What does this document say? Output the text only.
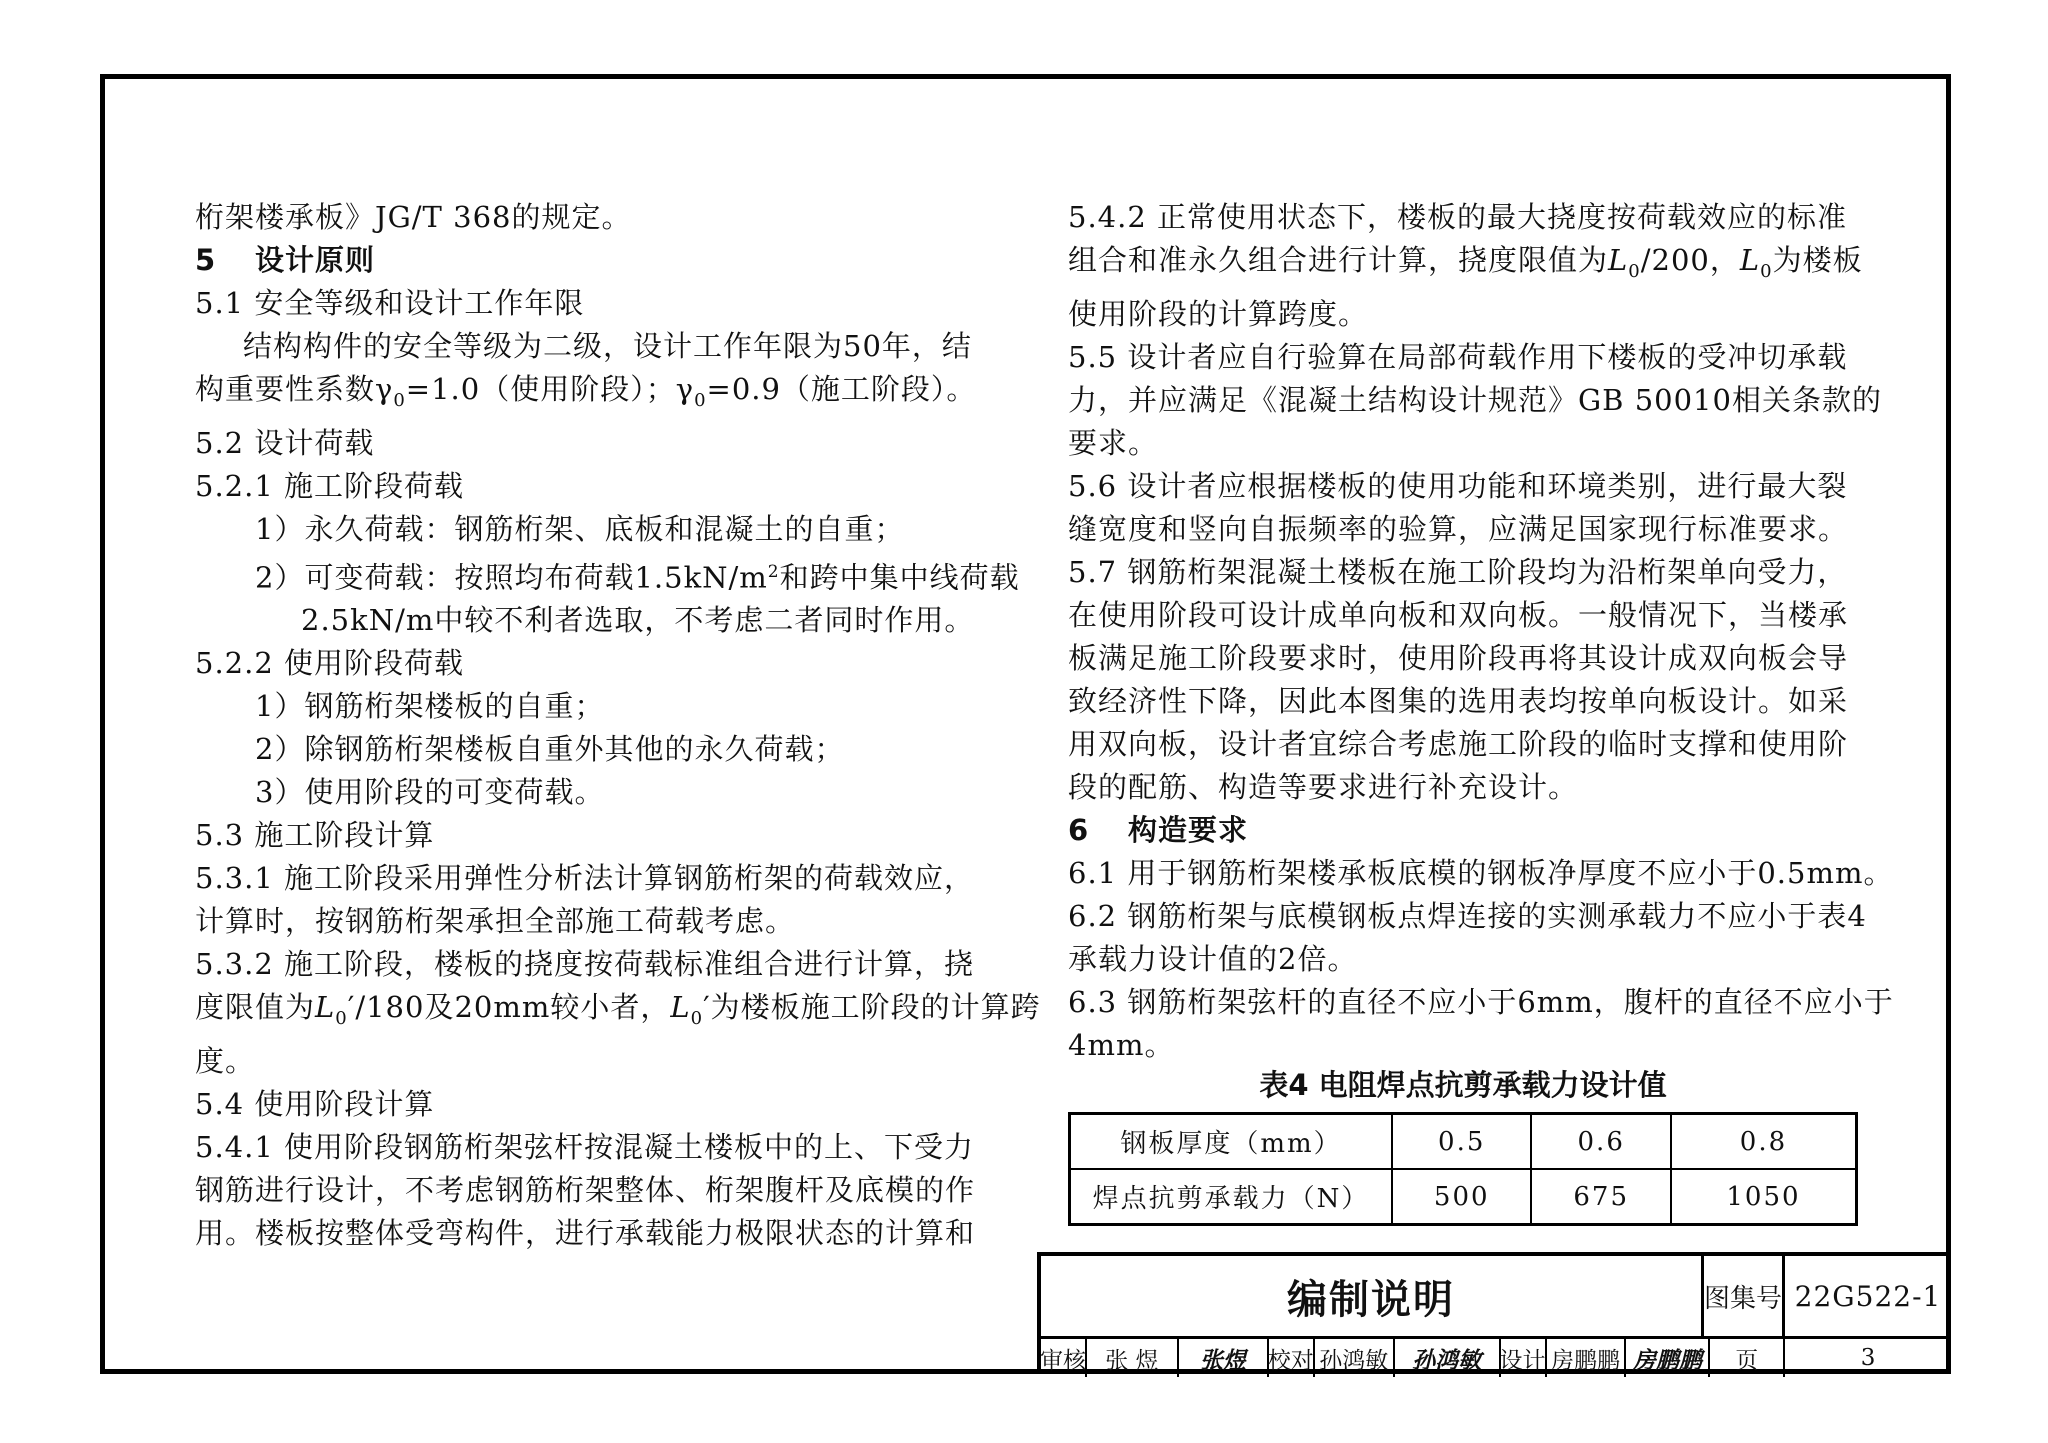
桁架楼承板》JG/T 368的规定。

5 设计原则

5.1 安全等级和设计工作年限

结构构件的安全等级为二级，设计工作年限为50年，结

构重要性系数$\gamma_0=1.0$（使用阶段）；$\gamma_0=0.9$（施工阶段）。

5.2 设计荷载

5.2.1 施工阶段荷载

1）永久荷载：钢筋桁架、底板和混凝土的自重；

2）可变荷载：按照均布荷载$1.5kN/m^2$和跨中集中线荷载

2.5kN/m中较不利者选取，不考虑二者同时作用。

5.2.2 使用阶段荷载

1）钢筋桁架楼板的自重；

2）除钢筋桁架楼板自重外其他的永久荷载；

3）使用阶段的可变荷载。

5.3 施工阶段计算

5.3.1 施工阶段采用弹性分析法计算钢筋桁架的荷载效应，

计算时，按钢筋桁架承担全部施工荷载考虑。

5.3.2 施工阶段，楼板的挠度按荷载标准组合进行计算，挠

度限值为$L_0'/180$及20mm较小者，$L_0'$为楼板施工阶段的计算跨

度。

5.4 使用阶段计算

5.4.1 使用阶段钢筋桁架弦杆按混凝土楼板中的上、下受力

钢筋进行设计，不考虑钢筋桁架整体、桁架腹杆及底模的作

用。楼板按整体受弯构件，进行承载能力极限状态的计算和

5.4.2 正常使用状态下，楼板的最大挠度按荷载效应的标准

组合和准永久组合进行计算，挠度限值为$L_0/200$，$L_0$为楼板

使用阶段的计算跨度。

5.5 设计者应自行验算在局部荷载作用下楼板的受冲切承载

力，并应满足《混凝土结构设计规范》GB 50010相关条款的

要求。

5.6 设计者应根据楼板的使用功能和环境类别，进行最大裂

缝宽度和竖向自振频率的验算，应满足国家现行标准要求。

5.7 钢筋桁架混凝土楼板在施工阶段均为沿桁架单向受力，

在使用阶段可设计成单向板和双向板。一般情况下，当楼承

板满足施工阶段要求时，使用阶段再将其设计成双向板会导

致经济性下降，因此本图集的选用表均按单向板设计。如采

用双向板，设计者宜综合考虑施工阶段的临时支撑和使用阶

段的配筋、构造等要求进行补充设计。

6 构造要求

6.1 用于钢筋桁架楼承板底模的钢板净厚度不应小于0.5mm。

6.2 钢筋桁架与底模钢板点焊连接的实测承载力不应小于表4

承载力设计值的2倍。

6.3 钢筋桁架弦杆的直径不应小于6mm，腹杆的直径不应小于

4mm。

表4 电阻焊点抗剪承载力设计值
钢板厚度（mm）	0.5	0.6	0.8
焊点抗剪承载力（N）	500	675	1050
编制说明	图集号 22G522-1
审核 张 煜	张煜 校对 孙鸿敏	孙鸿敏 设计 房鹏鹏 房鹏鹏	页	3
